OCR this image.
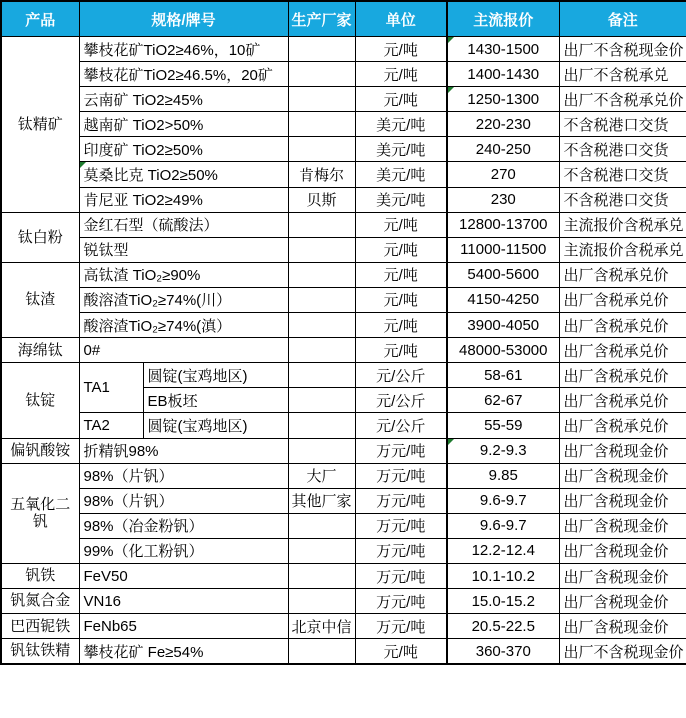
产品	规格/牌号		生产厂家	单位	主流报价	备注
钛精矿	攀枝花矿TiO2≥46%，10矿			元/吨	1430-1500	出厂不含税现金价
	攀枝花矿TiO2≥46.5%，20矿			元/吨	1400-1430	出厂不含税承兑
	云南矿 TiO2≥45%			元/吨	1250-1300	出厂不含税承兑价
	越南矿 TiO2>50%			美元/吨	220-230	不含税港口交货
	印度矿 TiO2≥50%			美元/吨	240-250	不含税港口交货
	莫桑比克 TiO2≥50%		肯梅尔	美元/吨	270	不含税港口交货
	肯尼亚 TiO2≥49%		贝斯	美元/吨	230	不含税港口交货
钛白粉	金红石型（硫酸法）			元/吨	12800-13700	主流报价含税承兑
	锐钛型			元/吨	11000-11500	主流报价含税承兑
钛渣	高钛渣 TiO₂≥90%			元/吨	5400-5600	出厂含税承兑价
	酸溶渣TiO₂≥74%(川）			元/吨	4150-4250	出厂含税承兑价
	酸溶渣TiO₂≥74%(滇）			元/吨	3900-4050	出厂含税承兑价
海绵钛	0#			元/吨	48000-53000	出厂含税承兑价
钛锭	TA1	圆锭(宝鸡地区)		元/公斤	58-61	出厂含税承兑价
		EB板坯		元/公斤	62-67	出厂含税承兑价
	TA2	圆锭(宝鸡地区)		元/公斤	55-59	出厂含税承兑价
偏钒酸铵	折精钒98%			万元/吨	9.2-9.3	出厂含税现金价
五氧化二钒	98%（片钒）		大厂	万元/吨	9.85	出厂含税现金价
	98%（片钒）		其他厂家	万元/吨	9.6-9.7	出厂含税现金价
	98%（冶金粉钒）			万元/吨	9.6-9.7	出厂含税现金价
	99%（化工粉钒）			万元/吨	12.2-12.4	出厂含税现金价
钒铁	FeV50			万元/吨	10.1-10.2	出厂含税现金价
钒氮合金	VN16			万元/吨	15.0-15.2	出厂含税现金价
巴西铌铁	FeNb65		北京中信	万元/吨	20.5-22.5	出厂含税现金价
钒钛铁精	攀枝花矿 Fe≥54%			元/吨	360-370	出厂不含税现金价
